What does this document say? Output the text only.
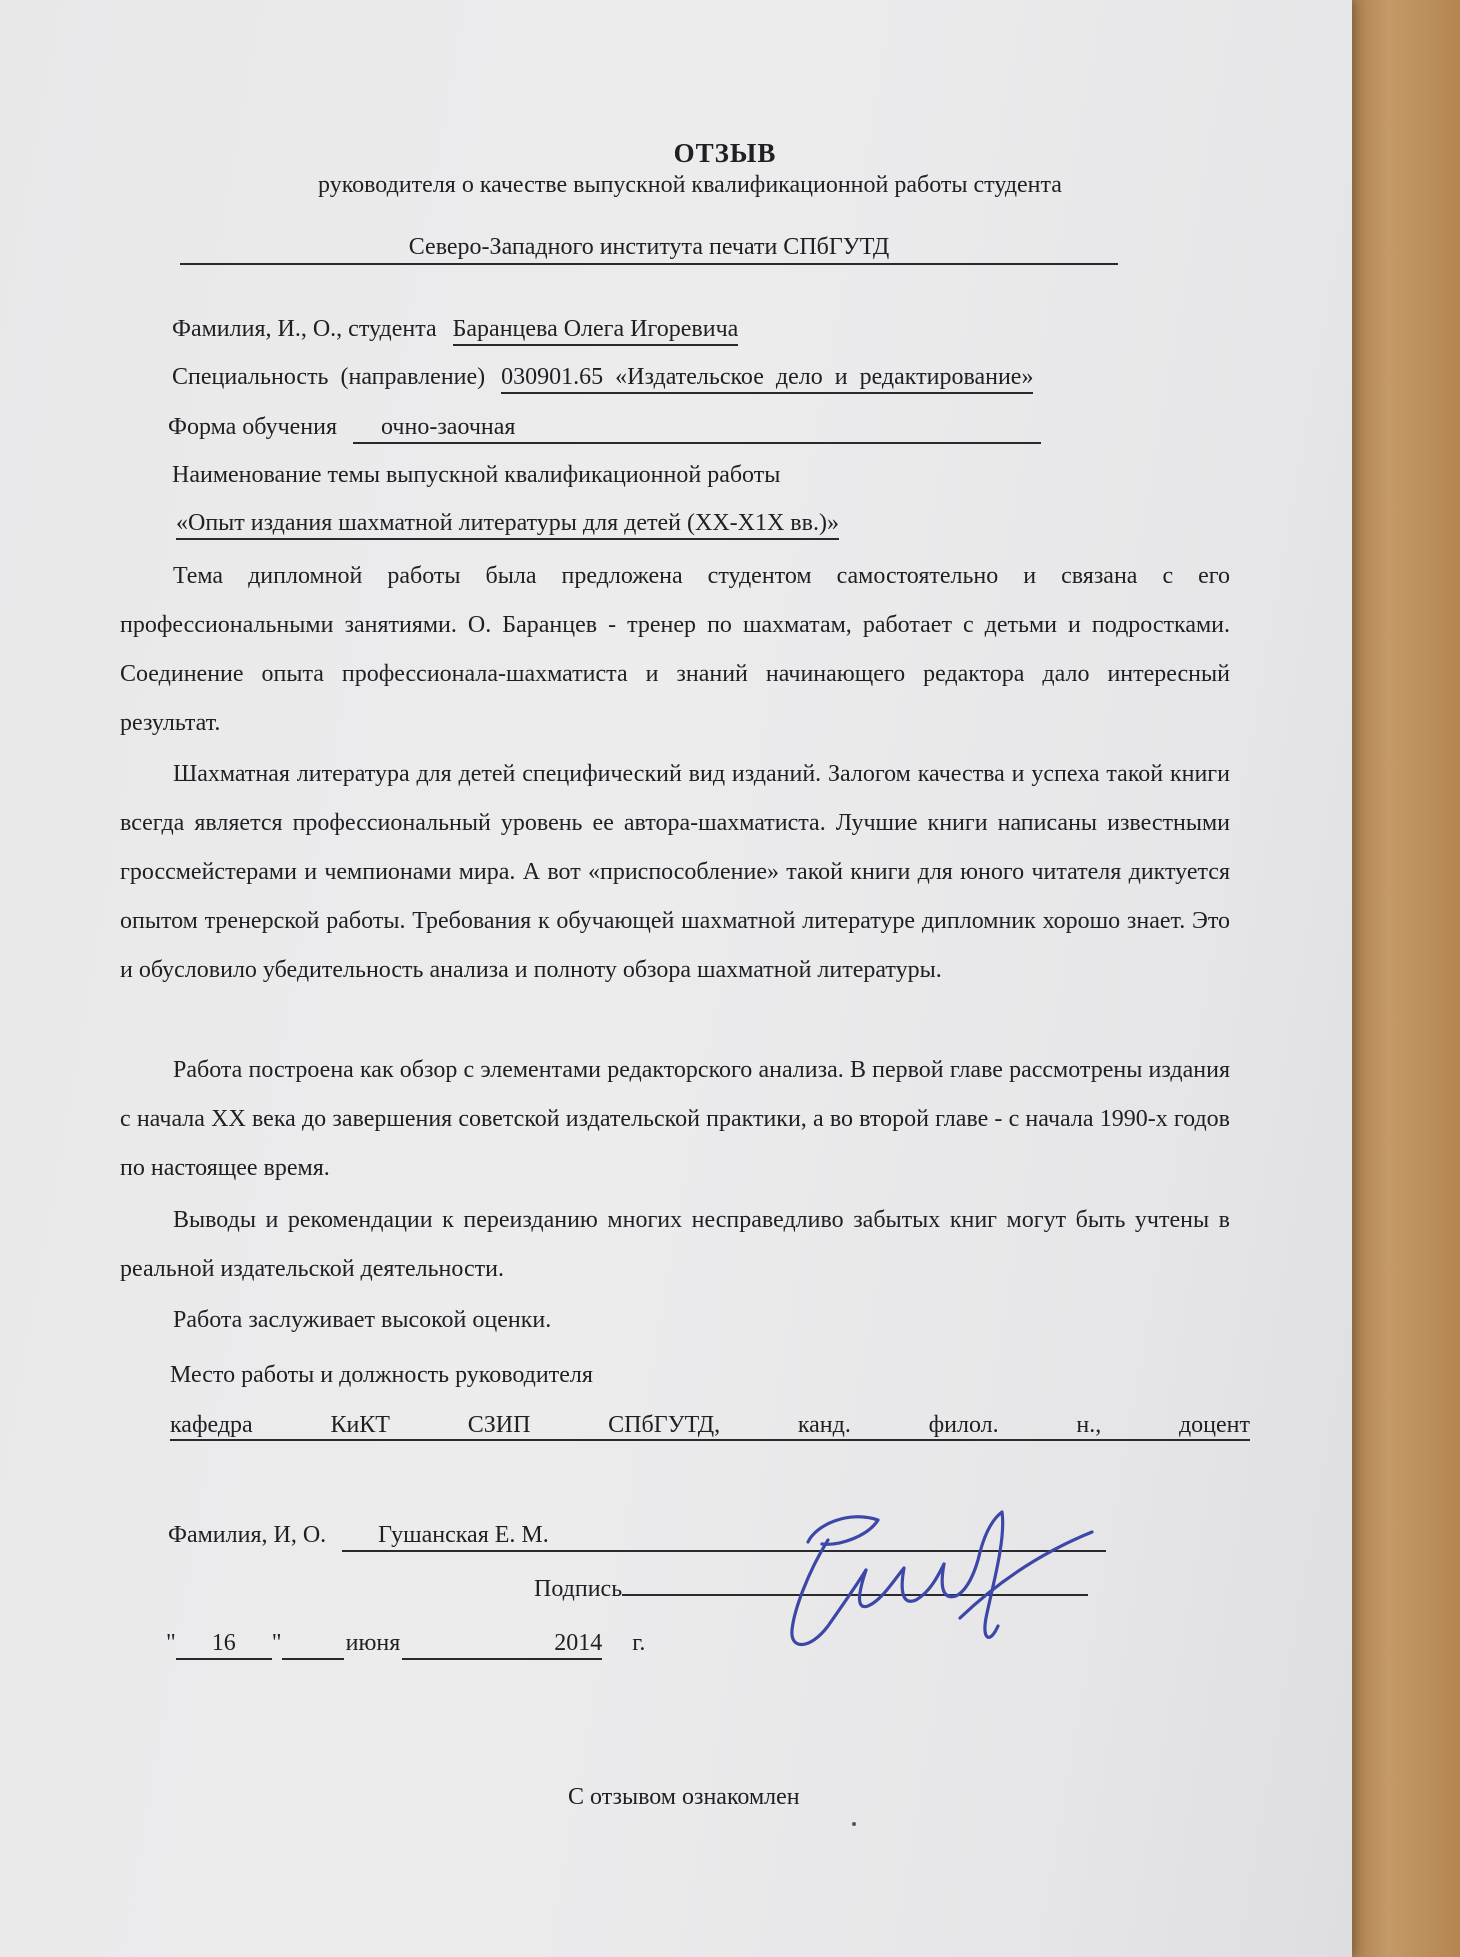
ОТЗЫВ
руководителя о качестве выпускной квалификационной работы студента
Северо-Западного института печати СПбГУТД
Фамилия, И., О., студента Баранцева Олега Игоревича
Специальность (направление) 030901.65 «Издательское дело и редактирование»
Форма обучения очно-заочная
Наименование темы выпускной квалификационной работы
«Опыт издания шахматной литературы для детей (XX-X1X вв.)»
Тема дипломной работы была предложена студентом самостоятельно и связана с его профессиональными занятиями. О. Баранцев - тренер по шахматам, работает с детьми и подростками. Соединение опыта профессионала-шахматиста и знаний начинающего редактора дало интересный результат.
Шахматная литература для детей специфический вид изданий. Залогом качества и успеха такой книги всегда является профессиональный уровень ее автора-шахматиста. Лучшие книги написаны известными гроссмейстерами и чемпионами мира. А вот «приспособление» такой книги для юного читателя диктуется опытом тренерской работы. Требования к обучающей шахматной литературе дипломник хорошо знает. Это и обусловило убедительность анализа и полноту обзора шахматной литературы.
Работа построена как обзор с элементами редакторского анализа. В первой главе рассмотрены издания с начала XX века до завершения советской издательской практики, а во второй главе - с начала 1990-х годов по настоящее время.
Выводы и рекомендации к переизданию многих несправедливо забытых книг могут быть учтены в реальной издательской деятельности.
Работа заслуживает высокой оценки.
Место работы и должность руководителя
кафедра КиКТ СЗИП СПбГУТД, канд. филол. н., доцент
Фамилия, И, О. Гушанская Е. М.
Подпись
" 16 "	июня	2014 г.
С отзывом ознакомлен
